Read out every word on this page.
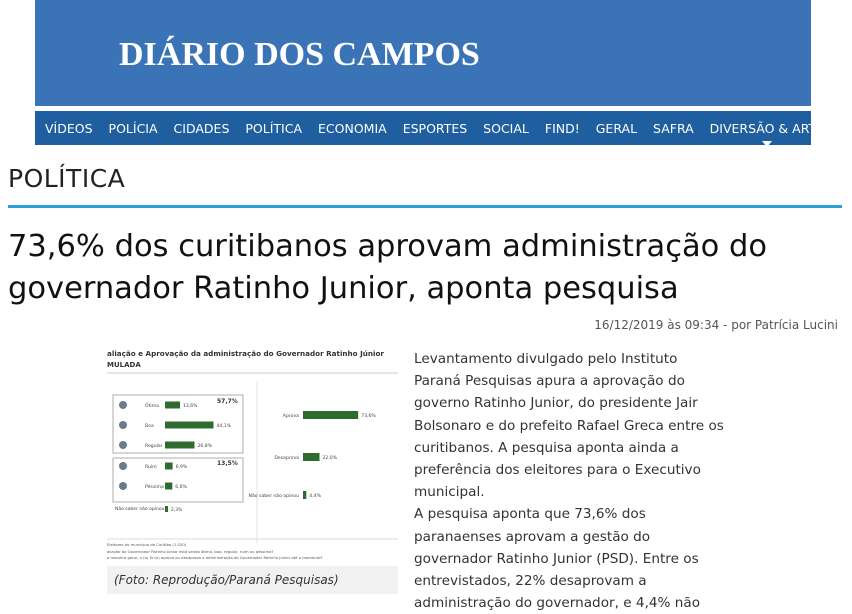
DIÁRIO DOS CAMPOS
VÍDEOS	POLÍCIA	CIDADES	POLÍTICA	ECONOMIA	ESPORTES	SOCIAL	FIND!	GERAL	SAFRA	DIVERSÃO & ARTE
POLÍTICA
73,6% dos curitibanos aprovam administração do governador Ratinho Junior, aponta pesquisa
16/12/2019 às 09:34 - por Patrícia Lucini
aliação e Aprovação da administração do Governador Ratinho Júnior
MULADA
Ótima	13,6%
Boa	44,1%
Regular	26,8%
Ruim	6,9%
Péssima 6,6%
57,7%
13,5%
Não saber não opinou 2,3%
Aprova	73,6%
Desaprova	22,0%
Não saber não opinou 4,4%
Eleitores do município de Curitiba (1.020)
aliação do Governador Ratinho Júnior está sendo ótima, boa, regular, ruim ou péssima?
a maneira geral, o (a) Sr.(a) aprova ou desaprova a administração do Governador Ratinho Júnior até o momento?
(Foto: Reprodução/Paraná Pesquisas)

Levantamento divulgado pelo Instituto Paraná Pesquisas apura a aprovação do governo Ratinho Junior, do presidente Jair Bolsonaro e do prefeito Rafael Greca entre os curitibanos. A pesquisa aponta ainda a preferência dos eleitores para o Executivo municipal.

A pesquisa aponta que 73,6% dos paranaenses aprovam a gestão do governador Ratinho Junior (PSD). Entre os entrevistados, 22% desaprovam a administração do governador, e 4,4% não
